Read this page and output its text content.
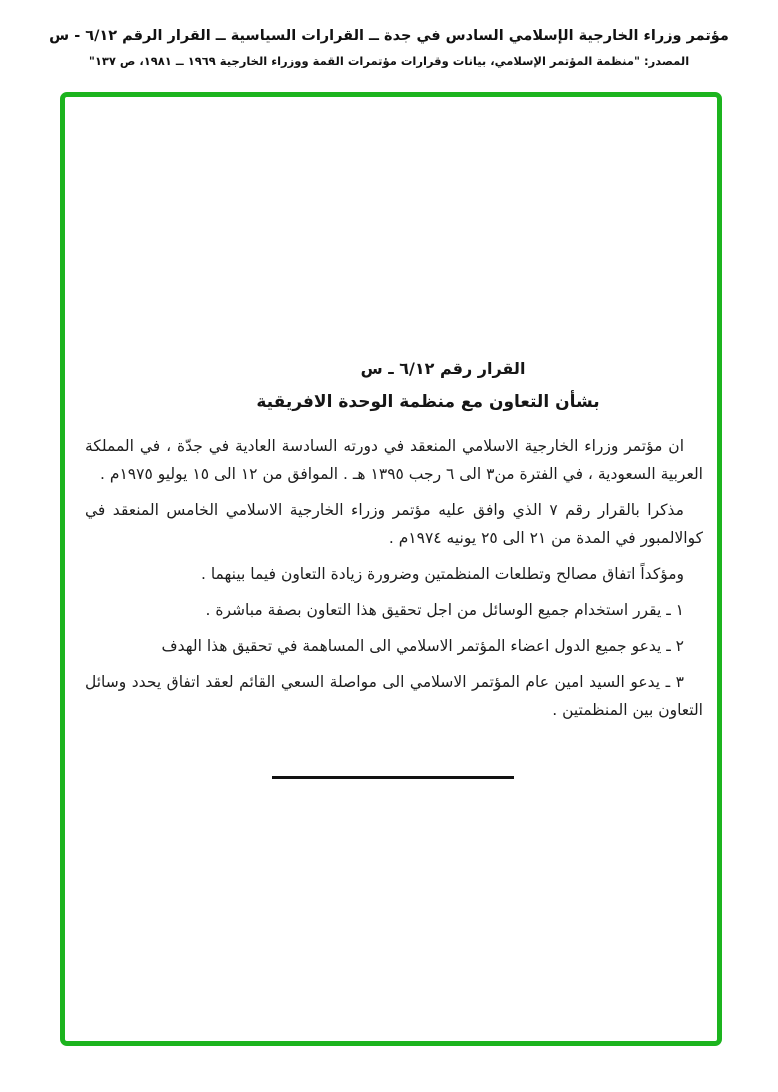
مؤتمر وزراء الخارجية الإسلامي السادس في جدة ــ القرارات السياسية ــ القرار الرقم ٦/١٢ - س
المصدر: "منظمة المؤتمر الإسلامي، بيانات وقرارات مؤتمرات القمة ووزراء الخارجية ١٩٦٩ ــ ١٩٨١، ص ١٣٧"
القرار رقم ٦/١٢ ـ س
بشأن التعاون مع منظمة الوحدة الافريقية

ان مؤتمر وزراء الخارجية الاسلامي المنعقد في دورته السادسة العادية في جدّة ، في المملكة العربية السعودية ، في الفترة من٣ الى ٦ رجب ١٣٩٥ هـ . الموافق من ١٢ الى ١٥ يوليو ١٩٧٥م .

مذكرا بالقرار رقم ٧ الذي وافق عليه مؤتمر وزراء الخارجية الاسلامي الخامس المنعقد في كوالالمبور في المدة من ٢١ الى ٢٥ يونيه ١٩٧٤م .

ومؤكداً اتفاق مصالح وتطلعات المنظمتين وضرورة زيادة التعاون فيما بينهما .

١ ـ يقرر استخدام جميع الوسائل من اجل تحقيق هذا التعاون بصفة مباشرة .

٢ ـ يدعو جميع الدول اعضاء المؤتمر الاسلامي الى المساهمة في تحقيق هذا الهدف

٣ ـ يدعو السيد امين عام المؤتمر الاسلامي الى مواصلة السعي القائم لعقد اتفاق يحدد وسائل التعاون بين المنظمتين .
